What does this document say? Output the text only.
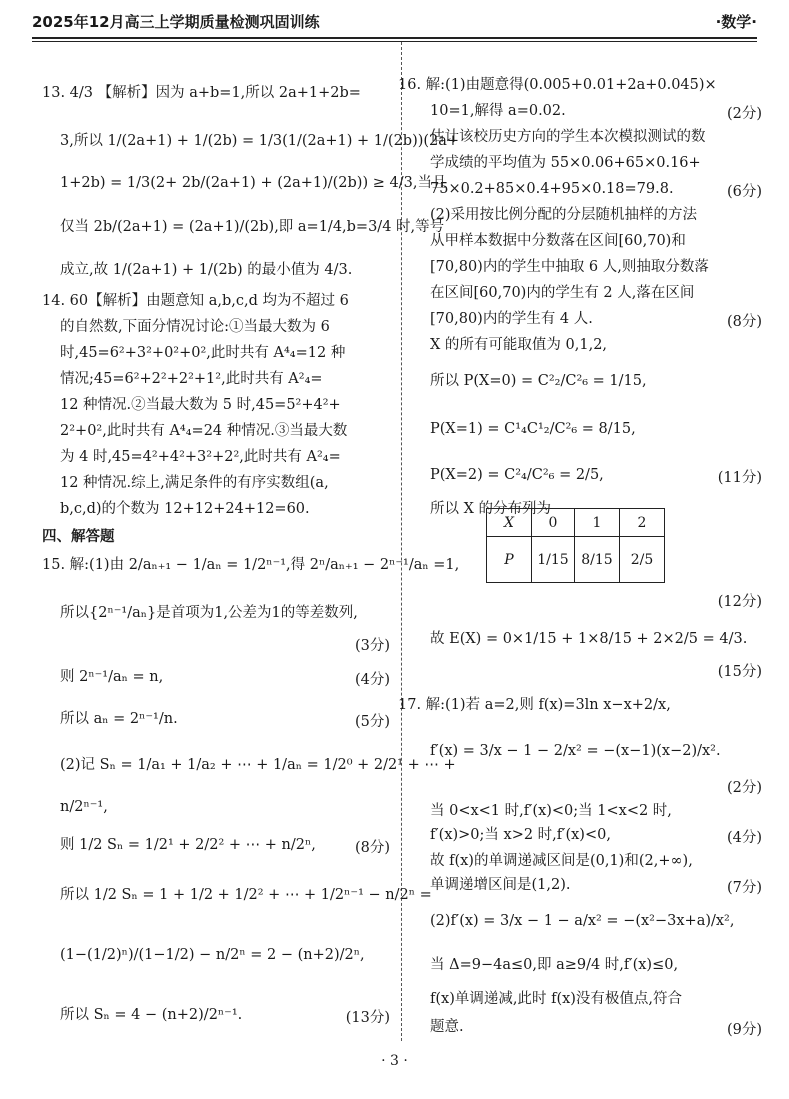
2025年12月高三上学期质量检测巩固训练	·数学·
13. 4/3 【解析】因为 a+b=1,所以 2a+1+2b=
3,所以 1/(2a+1) + 1/(2b) = 1/3(1/(2a+1) + 1/(2b))(2a+
1+2b) = 1/3(2+ 2b/(2a+1) + (2a+1)/(2b)) ≥ 4/3,当且
仅当 2b/(2a+1) = (2a+1)/(2b),即 a=1/4,b=3/4 时,等号
成立,故 1/(2a+1) + 1/(2b) 的最小值为 4/3.
14. 60【解析】由题意知 a,b,c,d 均为不超过 6
的自然数,下面分情况讨论:①当最大数为 6
时,45=6²+3²+0²+0²,此时共有 A⁴₄=12 种
情况;45=6²+2²+2²+1²,此时共有 A²₄=
12 种情况.②当最大数为 5 时,45=5²+4²+
2²+0²,此时共有 A⁴₄=24 种情况.③当最大数
为 4 时,45=4²+4²+3²+2²,此时共有 A²₄=
12 种情况.综上,满足条件的有序实数组(a,
b,c,d)的个数为 12+12+24+12=60.
四、解答题
15. 解:(1)由 2/aₙ₊₁ − 1/aₙ = 1/2ⁿ⁻¹,得 2ⁿ/aₙ₊₁ − 2ⁿ⁻¹/aₙ =1,
所以{2ⁿ⁻¹/aₙ}是首项为1,公差为1的等差数列,
(3分)
则 2ⁿ⁻¹/aₙ = n,	(4分)
所以 aₙ = 2ⁿ⁻¹/n.	(5分)
(2)记 Sₙ = 1/a₁ + 1/a₂ + ⋯ + 1/aₙ = 1/2⁰ + 2/2¹ + ⋯ +
n/2ⁿ⁻¹,
则 1/2 Sₙ = 1/2¹ + 2/2² + ⋯ + n/2ⁿ,	(8分)
所以 1/2 Sₙ = 1 + 1/2 + 1/2² + ⋯ + 1/2ⁿ⁻¹ − n/2ⁿ =
(1−(1/2)ⁿ)/(1−1/2) − n/2ⁿ = 2 − (n+2)/2ⁿ,
所以 Sₙ = 4 − (n+2)/2ⁿ⁻¹.	(13分)
16. 解:(1)由题意得(0.005+0.01+2a+0.045)×
10=1,解得 a=0.02.	(2分)
估计该校历史方向的学生本次模拟测试的数
学成绩的平均值为 55×0.06+65×0.16+
75×0.2+85×0.4+95×0.18=79.8.	(6分)
(2)采用按比例分配的分层随机抽样的方法
从甲样本数据中分数落在区间[60,70)和
[70,80)内的学生中抽取 6 人,则抽取分数落
在区间[60,70)内的学生有 2 人,落在区间
[70,80)内的学生有 4 人.	(8分)
X 的所有可能取值为 0,1,2,
所以 P(X=0) = C²₂/C²₆ = 1/15,
P(X=1) = C¹₄C¹₂/C²₆ = 8/15,
P(X=2) = C²₄/C²₆ = 2/5,	(11分)
所以 X 的分布列为
X	0	1	2
P	1/15	8/15	2/5
(12分)
故 E(X) = 0×1/15 + 1×8/15 + 2×2/5 = 4/3.
(15分)
17. 解:(1)若 a=2,则 f(x)=3ln x−x+2/x,
f′(x) = 3/x − 1 − 2/x² = −(x−1)(x−2)/x².
(2分)
当 0<x<1 时,f′(x)<0;当 1<x<2 时,
f′(x)>0;当 x>2 时,f′(x)<0,	(4分)
故 f(x)的单调递减区间是(0,1)和(2,+∞),
单调递增区间是(1,2).	(7分)
(2)f′(x) = 3/x − 1 − a/x² = −(x²−3x+a)/x²,
当 Δ=9−4a≤0,即 a≥9/4 时,f′(x)≤0,
f(x)单调递减,此时 f(x)没有极值点,符合
题意.	(9分)
· 3 ·
